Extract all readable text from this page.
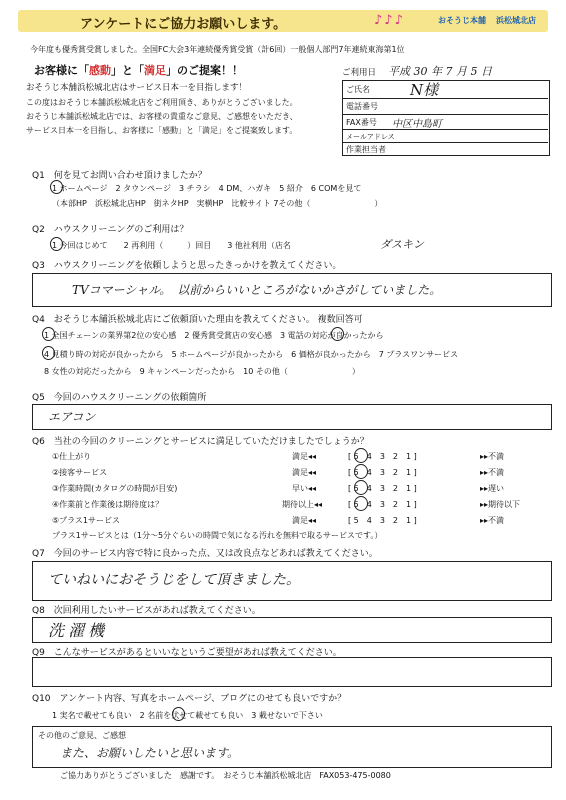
アンケートにご協力お願いします。	♪♪♪	おそうじ本舗 浜松城北店
今年度も優秀賞受賞しました。全国FC大会3年連続優秀賞受賞（計6回）一般個人部門7年連続東海第1位
お客様に「感動」と「満足」のご提案！！
おそうじ本舗浜松城北店はサービス日本一を目指します！
この度はおそうじ本舗浜松城北店をご利用頂き、ありがとうございました。
おそうじ本舗浜松城北店では、お客様の貴重なご意見、ご感想をいただき、
サービス日本一を目指し、お客様に「感動」と「満足」をご提案致します。
ご利用日 平成 30 年 7 月 5 日
ご氏名	N様
電話番号
FAX番号 中区中島町
メールアドレス
作業担当者
Q1　何を見てお問い合わせ頂けましたか？
1 ホームページ　2 タウンページ　3 チラシ　4 DM、ハガキ　5 紹介　6 COMを見て
（本部HP　浜松城北店HP　街ネタHP　実横HP　比較サイト 7その他（　　　　　　　　）
Q2　ハウスクリーニングのご利用は？
1 今回はじめて　　2 再利用（　　　）回目　　3 他社利用（店名	ダスキン
Q3　ハウスクリーニングを依頼しようと思ったきっかけを教えてください。
TVコマーシャル。　以前からいいところがないかさがしていました。
Q4　おそうじ本舗浜松城北店にご依頼頂いた理由を教えてください。 複数回答可
1 全国チェーンの業界第2位の安心感　2 優秀賞受賞店の安心感　3 電話の対応が良かったから
4 見積り時の対応が良かったから　5 ホームページが良かったから　6 価格が良かったから　7 プラスワンサービス
8 女性の対応だったから　9 キャンペーンだったから　10 その他（　　　　　　　　）
Q5　今回のハウスクリーニングの依頼箇所
エアコン
Q6　当社の今回のクリーニングとサービスに満足していただけましたでしょうか？
①仕上がり	満足◂◂	[ 5　4　3　2　1 ]	▸▸不満
②接客サービス	満足◂◂	[ 5　4　3　2　1 ]	▸▸不満
③作業時間(カタログの時間が目安)	早い◂◂	[ 5　4　3　2　1 ]	▸▸遅い
④作業前と作業後は期待度は？	期待以上◂◂	[ 5　4　3　2　1 ]	▸▸期待以下
⑤プラス1サービス	満足◂◂	[ 5　4　3　2　1 ]	▸▸不満
プラス1サービスとは（1分～5分ぐらいの時間で気になる汚れを無料で取るサービスです。）
Q7　今回のサービス内容で特に良かった点、又は改良点などあれば教えてください。
ていねいにおそうじをして頂きました。
Q8　次回利用したいサービスがあれば教えてください。
洗濯機
Q9　こんなサービスがあるといいなというご要望があれば教えてください。
Q10　アンケート内容、写真をホームページ、ブログにのせても良いですか？
1 実名で載せても良い　2 名前を伏せて載せても良い　3 載せないで下さい
その他のご意見、ご感想
また、お願いしたいと思います。
ご協力ありがとうございました　感謝です。　おそうじ本舗浜松城北店　FAX053-475-0080
